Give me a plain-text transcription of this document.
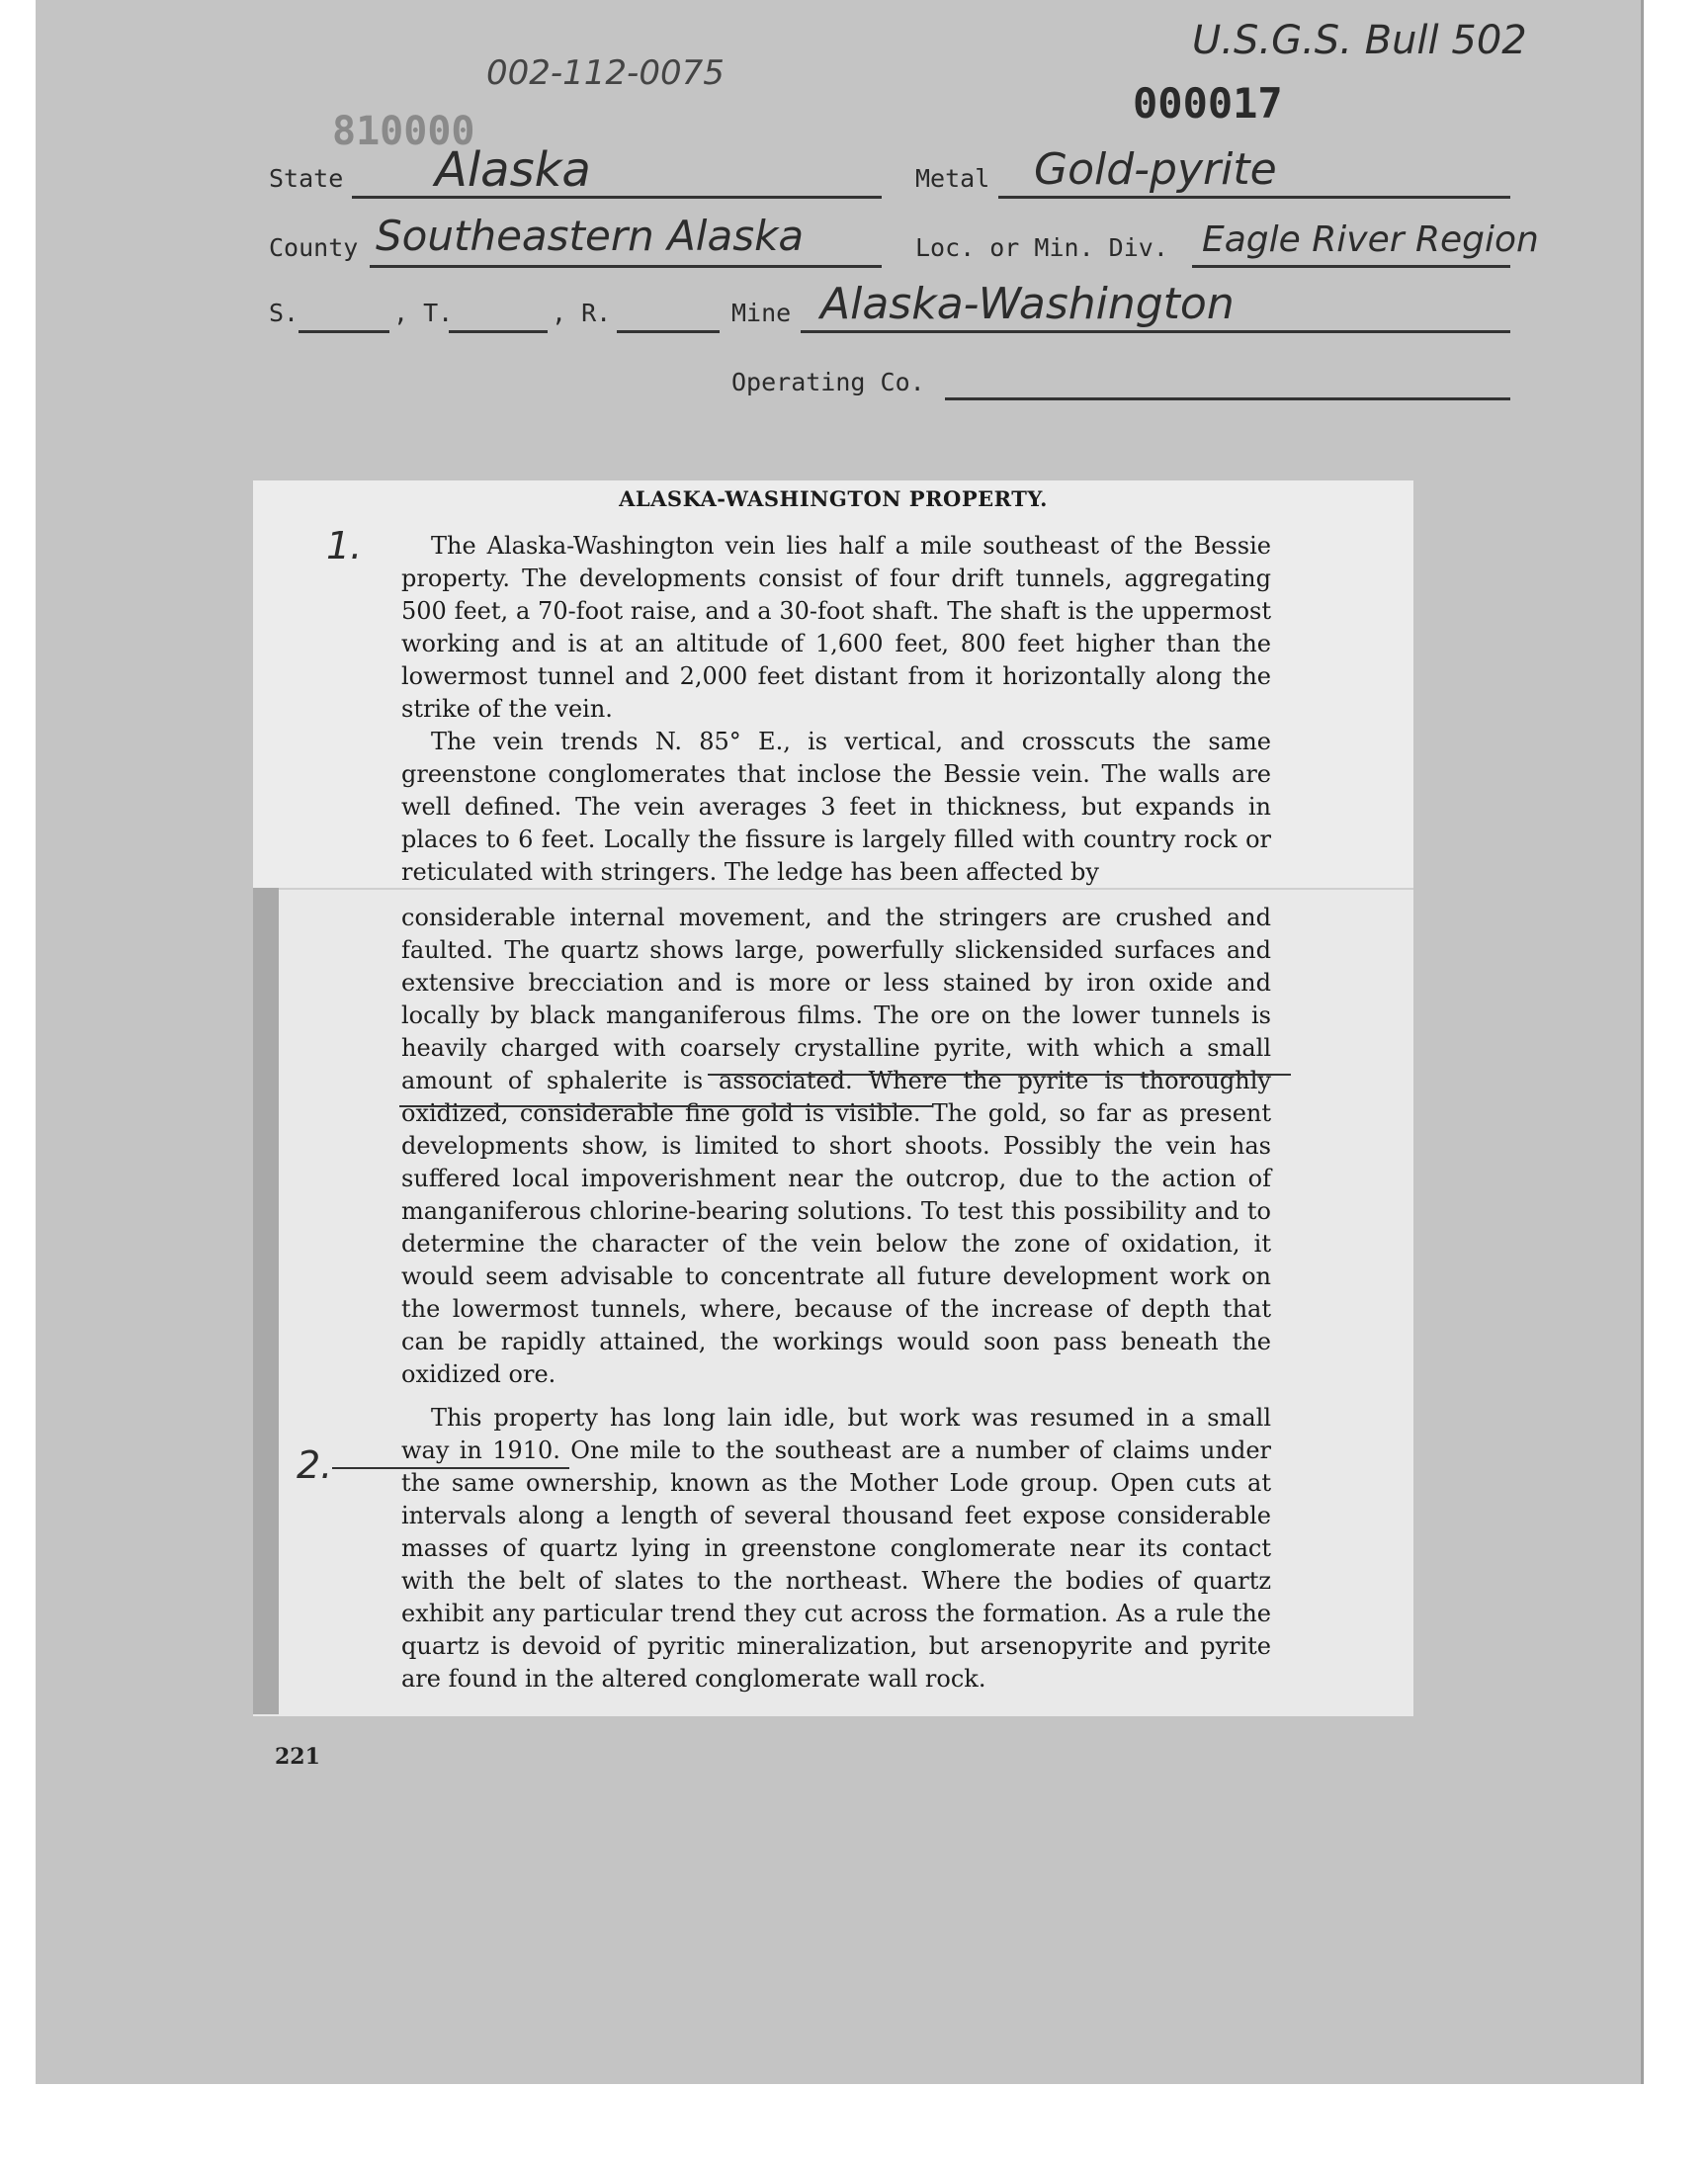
U.S.G.S. Bull 502
002-112-0075
810000
000017
State Alaska	Metal Gold-pyrite
County Southeastern Alaska	Loc. or Min. Div. Eagle River Region
S.	, T.	, R.	Mine Alaska-Washington
Operating Co.
ALASKA-WASHINGTON PROPERTY.
1.	The Alaska-Washington vein lies half a mile southeast of the Bessie property. The developments consist of four drift tunnels, aggregating 500 feet, a 70-foot raise, and a 30-foot shaft. The shaft is the uppermost working and is at an altitude of 1,600 feet, 800 feet higher than the lowermost tunnel and 2,000 feet distant from it horizontally along the strike of the vein.

The vein trends N. 85° E., is vertical, and crosscuts the same greenstone conglomerates that inclose the Bessie vein. The walls are well defined. The vein averages 3 feet in thickness, but expands in places to 6 feet. Locally the fissure is largely filled with country rock or reticulated with stringers. The ledge has been affected by

considerable internal movement, and the stringers are crushed and faulted. The quartz shows large, powerfully slickensided surfaces and extensive brecciation and is more or less stained by iron oxide and locally by black manganiferous films. The ore on the lower tunnels is heavily charged with coarsely crystalline pyrite, with which a small amount of sphalerite is associated. Where the pyrite is thoroughly oxidized, considerable fine gold is visible. The gold, so far as present developments show, is limited to short shoots. Possibly the vein has suffered local impoverishment near the outcrop, due to the action of manganiferous chlorine-bearing solutions. To test this possibility and to determine the character of the vein below the zone of oxidation, it would seem advisable to concentrate all future development work on the lowermost tunnels, where, because of the increase of depth that can be rapidly attained, the workings would soon pass beneath the oxidized ore.

This property has long lain idle, but work was resumed in a small way in 1910. One mile to the southeast are a number of claims under the same ownership, known as the Mother Lode group. Open cuts at intervals along a length of several thousand feet expose considerable masses of quartz lying in greenstone conglomerate near its contact with the belt of slates to the northeast. Where the bodies of quartz exhibit any particular trend they cut across the formation. As a rule the quartz is devoid of pyritic mineralization, but arsenopyrite and pyrite are found in the altered conglomerate wall rock.

2.
221
